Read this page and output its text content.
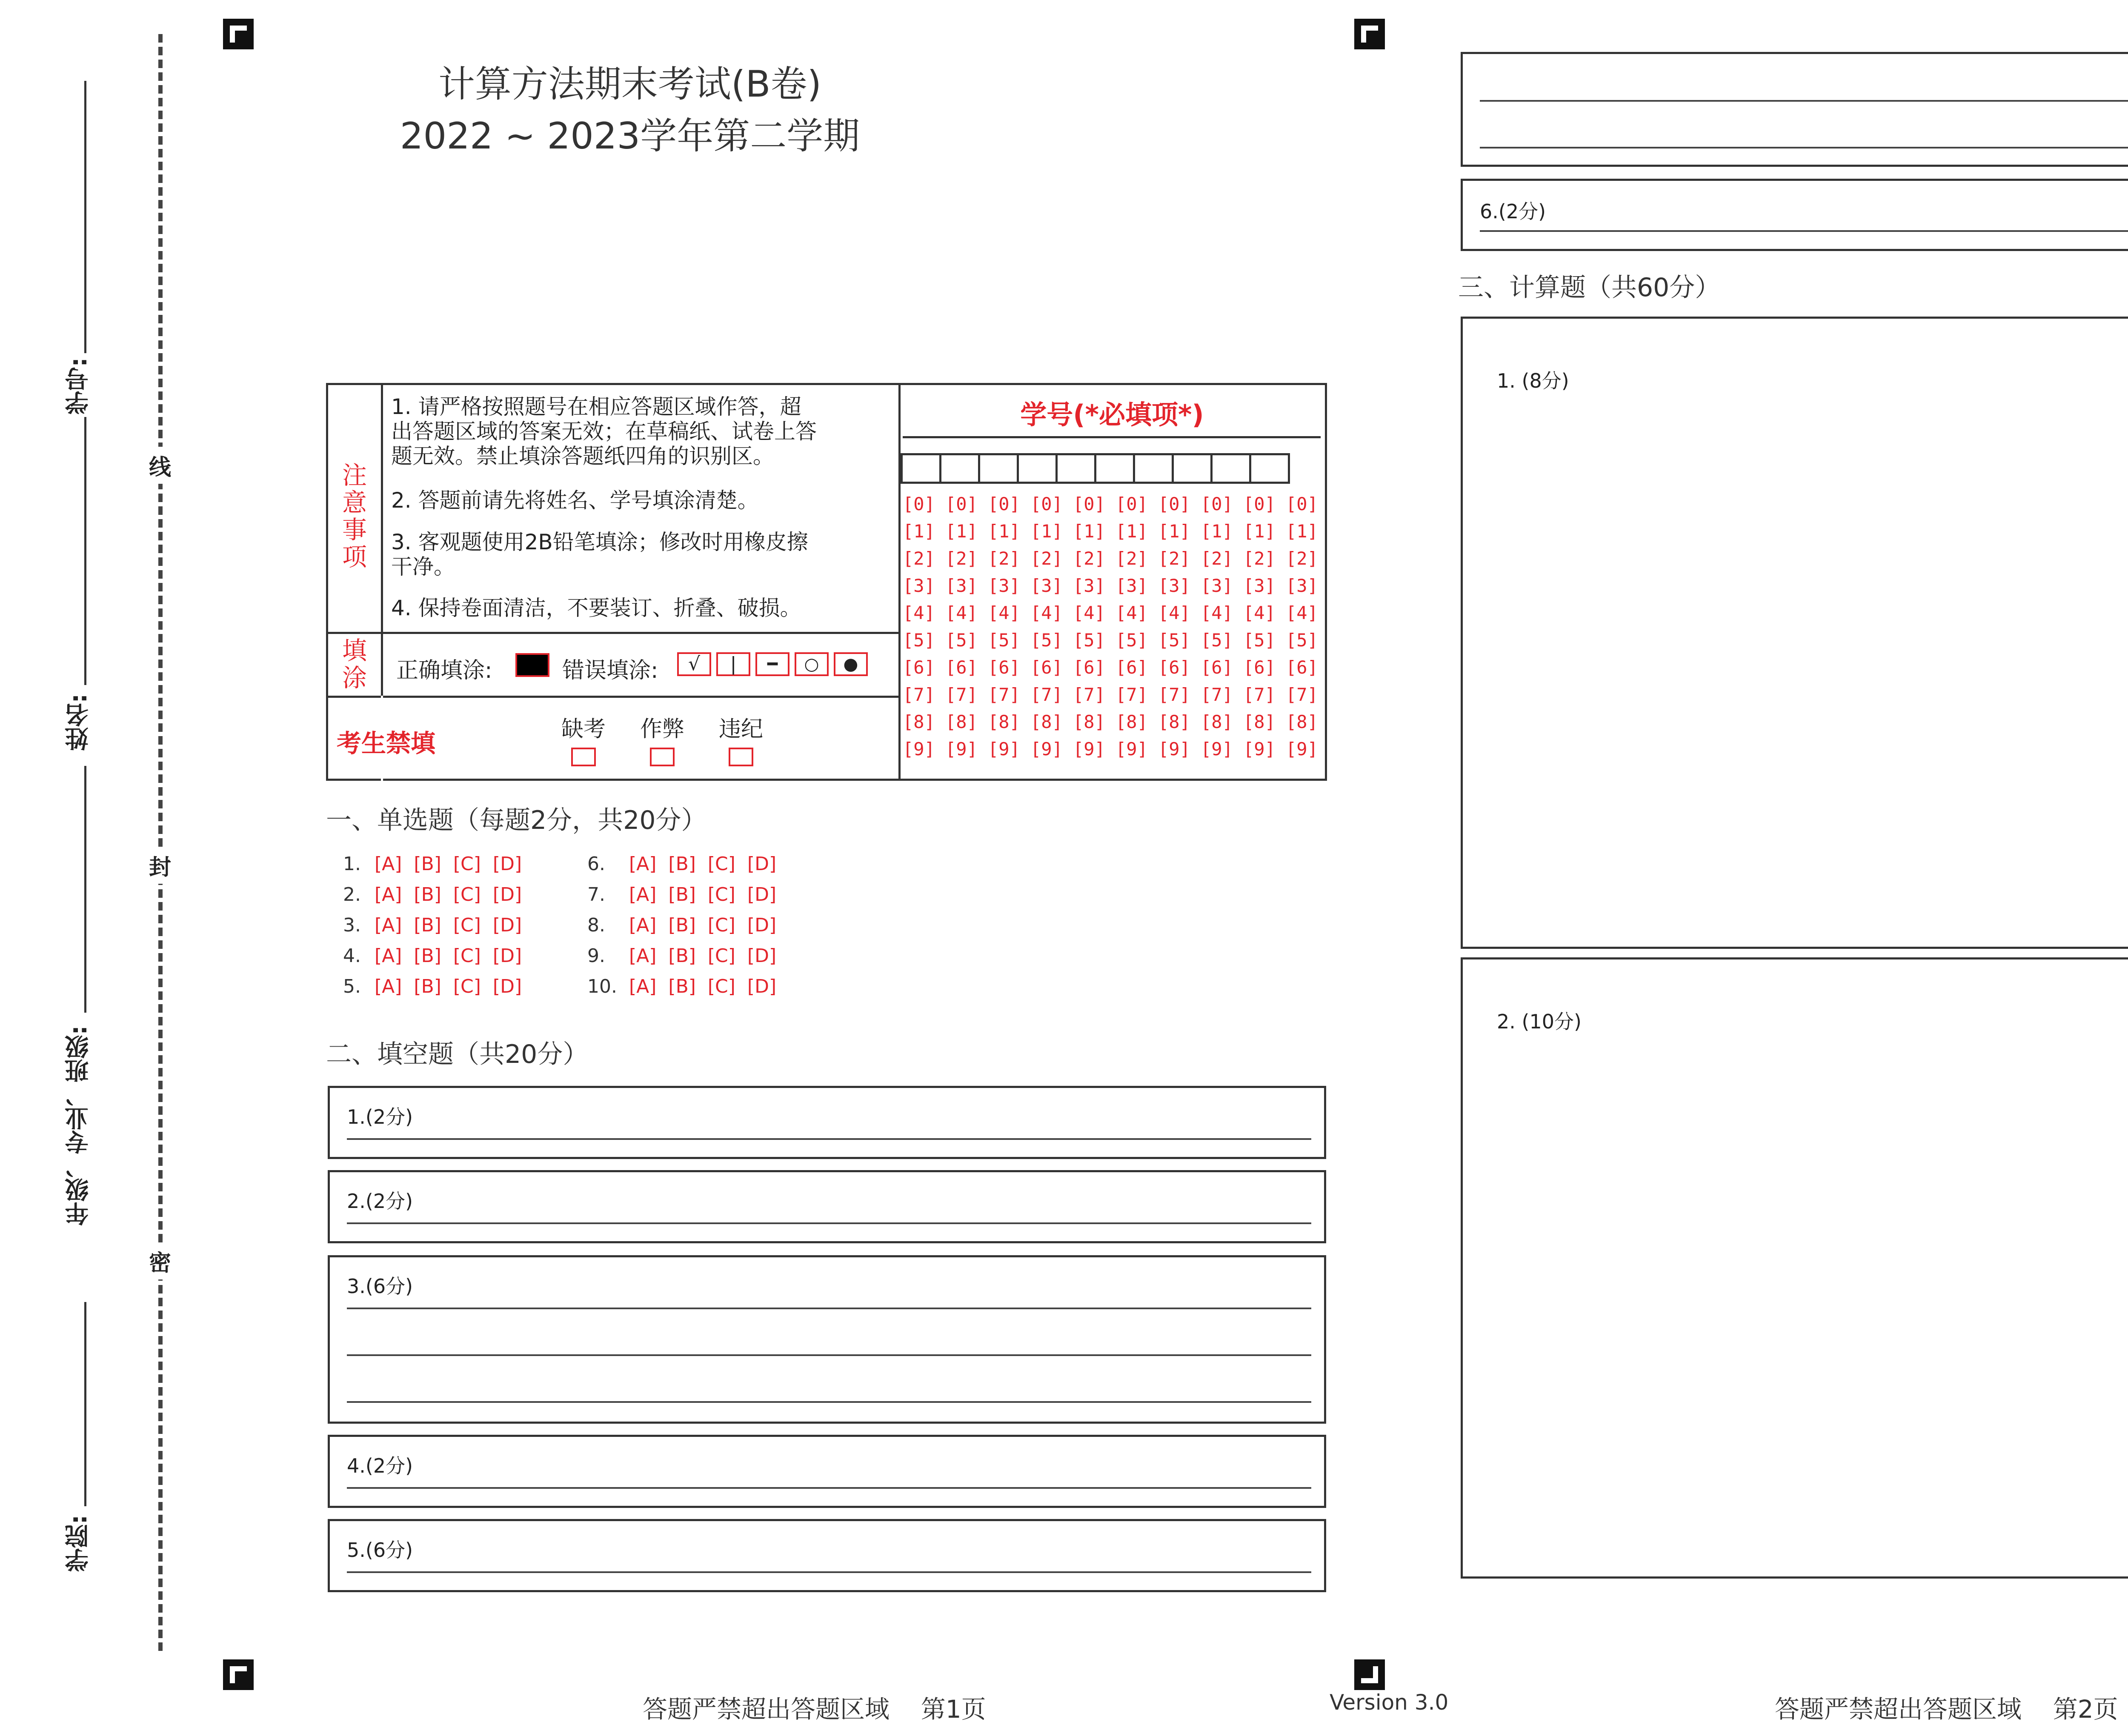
密
封
线
学院:
年级、专业、班级:
姓名:
学号:
计算方法期末考试(B卷)
2022 ~ 2023学年第二学期
注意事项
1. 请严格按照题号在相应答题区域作答，超出答题区域的答案无效；在草稿纸、试卷上答题无效。禁止填涂答题纸四角的识别区。
2. 答题前请先将姓名、学号填涂清楚。
3. 客观题使用2B铅笔填涂；修改时用橡皮擦干净。
4. 保持卷面清洁，不要装订、折叠、破损。
填涂	正确填涂:	错误填涂:	√	|	━	○	●
考生禁填	缺考 作弊 违纪
学号(*必填项*)
[0] [0] [0] [0] [0] [0] [0] [0] [0] [0]
[1] [1] [1] [1] [1] [1] [1] [1] [1] [1]
[2] [2] [2] [2] [2] [2] [2] [2] [2] [2]
[3] [3] [3] [3] [3] [3] [3] [3] [3] [3]
[4] [4] [4] [4] [4] [4] [4] [4] [4] [4]
[5] [5] [5] [5] [5] [5] [5] [5] [5] [5]
[6] [6] [6] [6] [6] [6] [6] [6] [6] [6]
[7] [7] [7] [7] [7] [7] [7] [7] [7] [7]
[8] [8] [8] [8] [8] [8] [8] [8] [8] [8]
[9] [9] [9] [9] [9] [9] [9] [9] [9] [9]
一、单选题（每题2分，共20分）
1. [A]  [B]  [C]  [D]
2. [A]  [B]  [C]  [D]
3. [A]  [B]  [C]  [D]
4. [A]  [B]  [C]  [D]
5. [A]  [B]  [C]  [D]
6. [A]  [B]  [C]  [D]
7. [A]  [B]  [C]  [D]
8. [A]  [B]  [C]  [D]
9. [A]  [B]  [C]  [D]
10. [A]  [B]  [C]  [D]
二、填空题（共20分）
1.(2分)
2.(2分)
3.(6分)
4.(2分)
5.(6分)
6.(2分)
三、计算题（共60分）
1. (8分)
2. (10分)
答题严禁超出答题区域    第1页	Version 3.0	答题严禁超出答题区域    第2页
